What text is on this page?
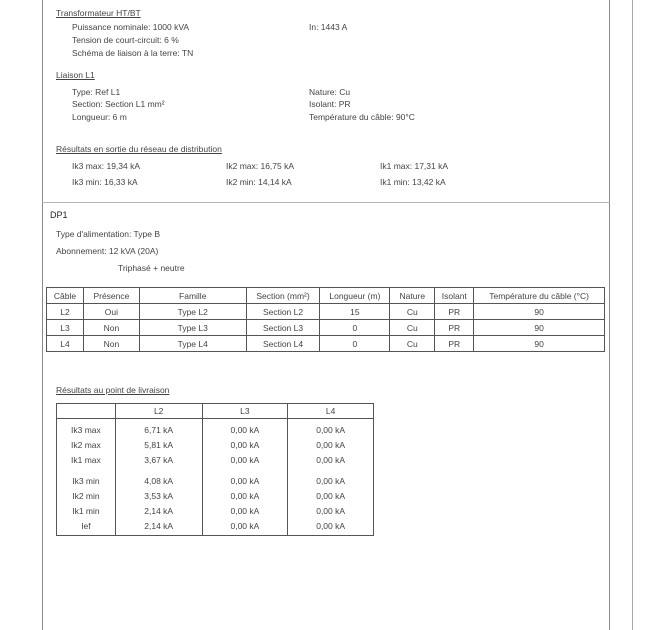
Transformateur HT/BT
Puissance nominale: 1000 kVA
Tension de court-circuit: 6 %
Schéma de liaison à la terre: TN
In: 1443 A
Liaison L1
Type: Ref L1
Section: Section L1 mm²
Longueur: 6 m
Nature: Cu
Isolant: PR
Température du câble: 90°C
Résultats en sortie du réseau de distribution
Ik3 max: 19,34 kA	Ik2 max: 16,75 kA	Ik1 max: 17,31 kA
Ik3 min: 16,33 kA	Ik2 min: 14,14 kA	Ik1 min: 13,42 kA
DP1
Type d'alimentation: Type B
Abonnement: 12 kVA (20A)
Triphasé + neutre
Câble	Présence	Famille	Section (mm²)	Longueur (m)	Nature	Isolant	Température du câble (°C)
L2	Oui	Type L2	Section L2	15	Cu	PR	90
L3	Non	Type L3	Section L3	0	Cu	PR	90
L4	Non	Type L4	Section L4	0	Cu	PR	90
Résultats au point de livraison
	L2	L3	L4
Ik3 max	6,71 kA	0,00 kA	0,00 kA
Ik2 max	5,81 kA	0,00 kA	0,00 kA
Ik1 max	3,67 kA	0,00 kA	0,00 kA
Ik3 min	4,08 kA	0,00 kA	0,00 kA
Ik2 min	3,53 kA	0,00 kA	0,00 kA
Ik1 min	2,14 kA	0,00 kA	0,00 kA
Ief	2,14 kA	0,00 kA	0,00 kA
